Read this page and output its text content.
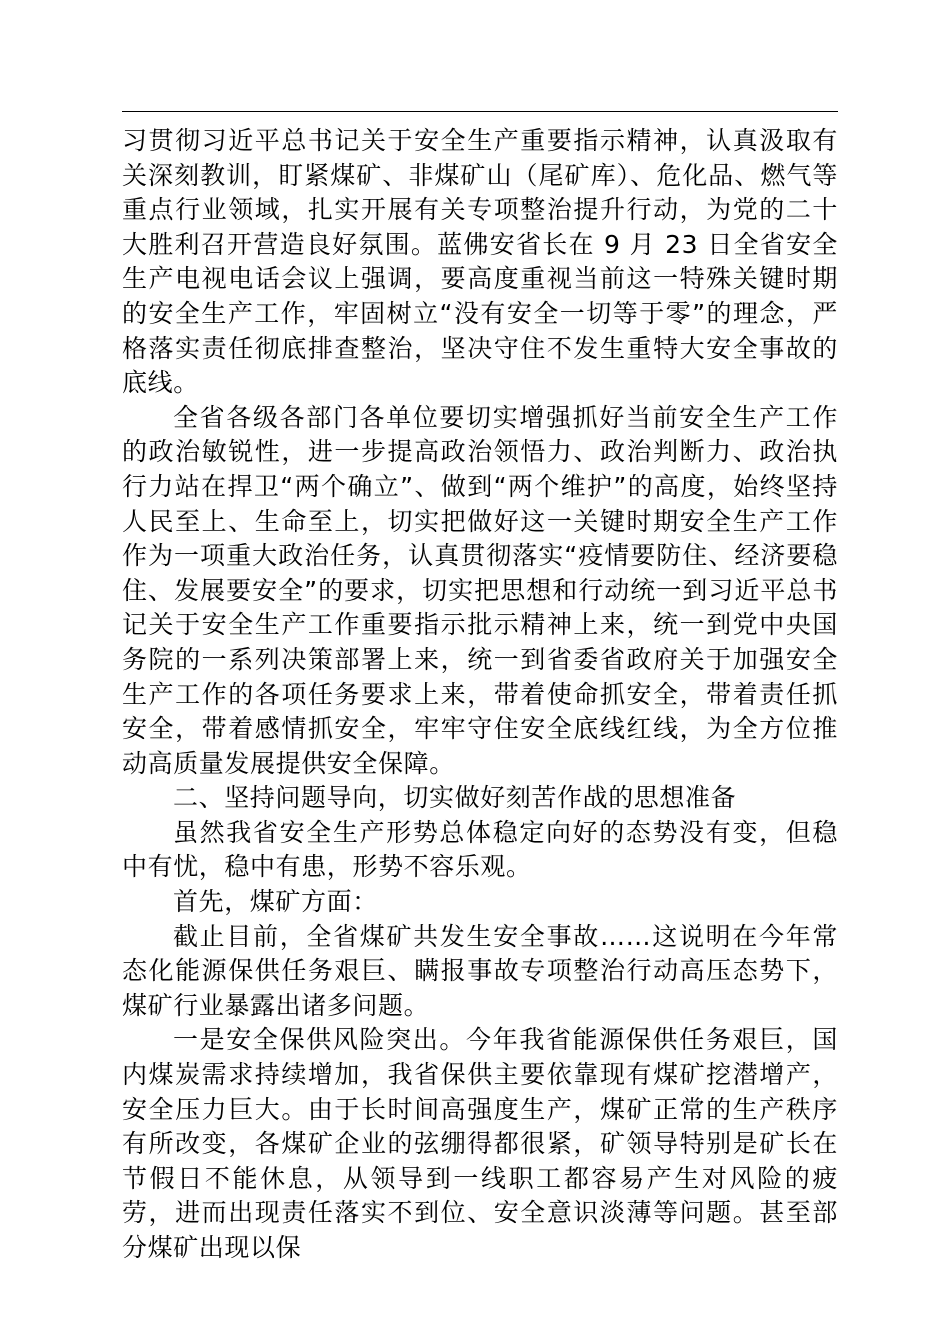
习贯彻习近平总书记关于安全生产重要指示精神，认真汲取有关深刻教训，盯紧煤矿、非煤矿山（尾矿库）、危化品、燃气等重点行业领域，扎实开展有关专项整治提升行动，为党的二十大胜利召开营造良好氛围。蓝佛安省长在 9 月 23 日全省安全生产电视电话会议上强调，要高度重视当前这一特殊关键时期的安全生产工作，牢固树立“没有安全一切等于零”的理念，严格落实责任彻底排查整治，坚决守住不发生重特大安全事故的底线。

全省各级各部门各单位要切实增强抓好当前安全生产工作的政治敏锐性，进一步提高政治领悟力、政治判断力、政治执行力站在捍卫“两个确立”、做到“两个维护”的高度，始终坚持人民至上、生命至上，切实把做好这一关键时期安全生产工作作为一项重大政治任务，认真贯彻落实“疫情要防住、经济要稳住、发展要安全”的要求，切实把思想和行动统一到习近平总书记关于安全生产工作重要指示批示精神上来，统一到党中央国务院的一系列决策部署上来，统一到省委省政府关于加强安全生产工作的各项任务要求上来，带着使命抓安全，带着责任抓安全，带着感情抓安全，牢牢守住安全底线红线，为全方位推动高质量发展提供安全保障。

二、坚持问题导向，切实做好刻苦作战的思想准备

虽然我省安全生产形势总体稳定向好的态势没有变，但稳中有忧，稳中有患，形势不容乐观。

首先，煤矿方面：

截止目前，全省煤矿共发生安全事故……这说明在今年常态化能源保供任务艰巨、瞒报事故专项整治行动高压态势下，煤矿行业暴露出诸多问题。

一是安全保供风险突出。今年我省能源保供任务艰巨，国内煤炭需求持续增加，我省保供主要依靠现有煤矿挖潜增产，安全压力巨大。由于长时间高强度生产，煤矿正常的生产秩序有所改变，各煤矿企业的弦绷得都很紧，矿领导特别是矿长在节假日不能休息，从领导到一线职工都容易产生对风险的疲劳，进而出现责任落实不到位、安全意识淡薄等问题。甚至部分煤矿出现以保
